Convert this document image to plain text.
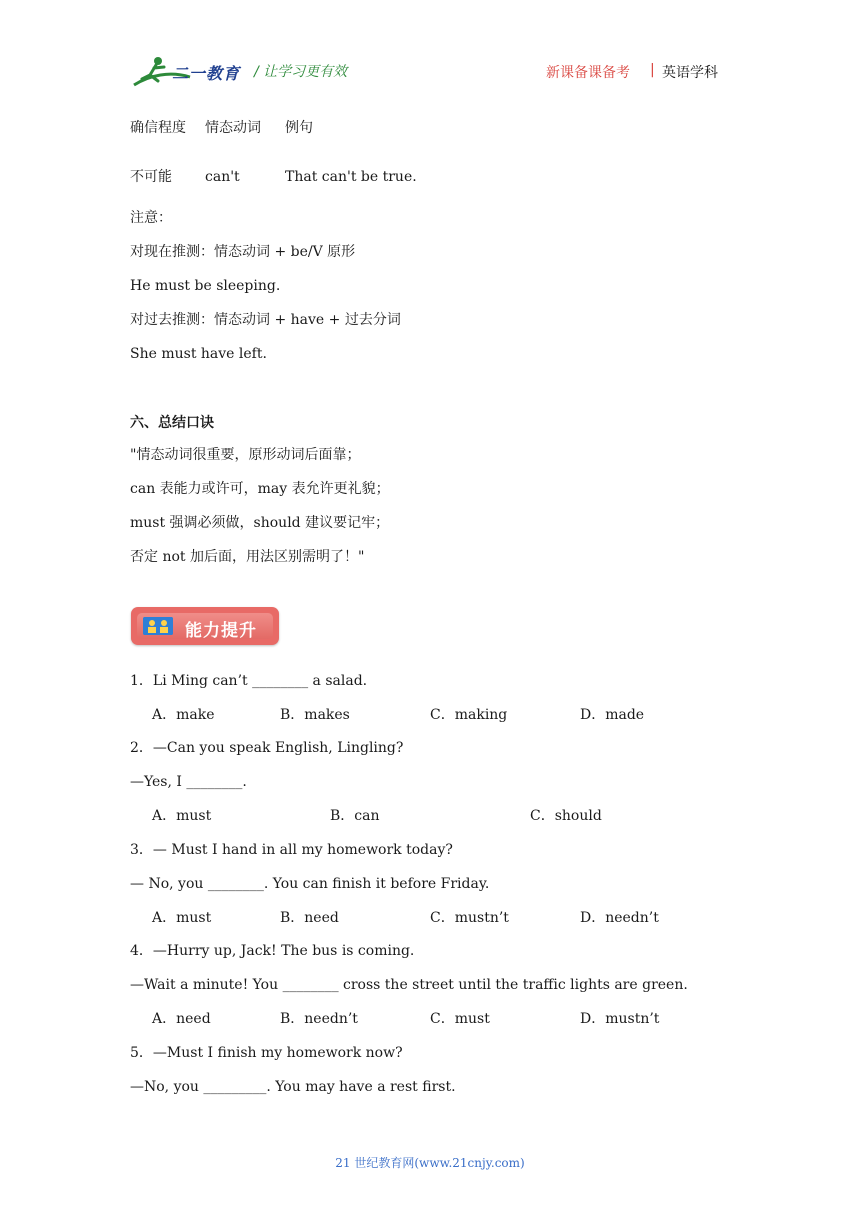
二一教育 / 让学习更有效	新课备课备考 | 英语学科
确信程度 情态动词 例句
不可能 can't	That can't be true.
注意：
对现在推测：情态动词 + be/V 原形
He must be sleeping.
对过去推测：情态动词 + have + 过去分词
She must have left.
六、总结口诀
"情态动词很重要，原形动词后面靠；
can 表能力或许可，may 表允许更礼貌；
must 强调必须做，should 建议要记牢；
否定 not 加后面，用法区别需明了！"
能力提升
1．Li Ming can’t ________ a salad.
A．make	B．makes	C．making	D．made
2．—Can you speak English, Lingling?
—Yes, I ________.
A．must	B．can	C．should
3．— Must I hand in all my homework today?
— No, you ________. You can finish it before Friday.
A．must	B．need	C．mustn’t	D．needn’t
4．—Hurry up, Jack! The bus is coming.
—Wait a minute! You ________ cross the street until the traffic lights are green.
A．need	B．needn’t	C．must	D．mustn’t
5．—Must I finish my homework now?
—No, you _________. You may have a rest first.
21 世纪教育网(www.21cnjy.com)
